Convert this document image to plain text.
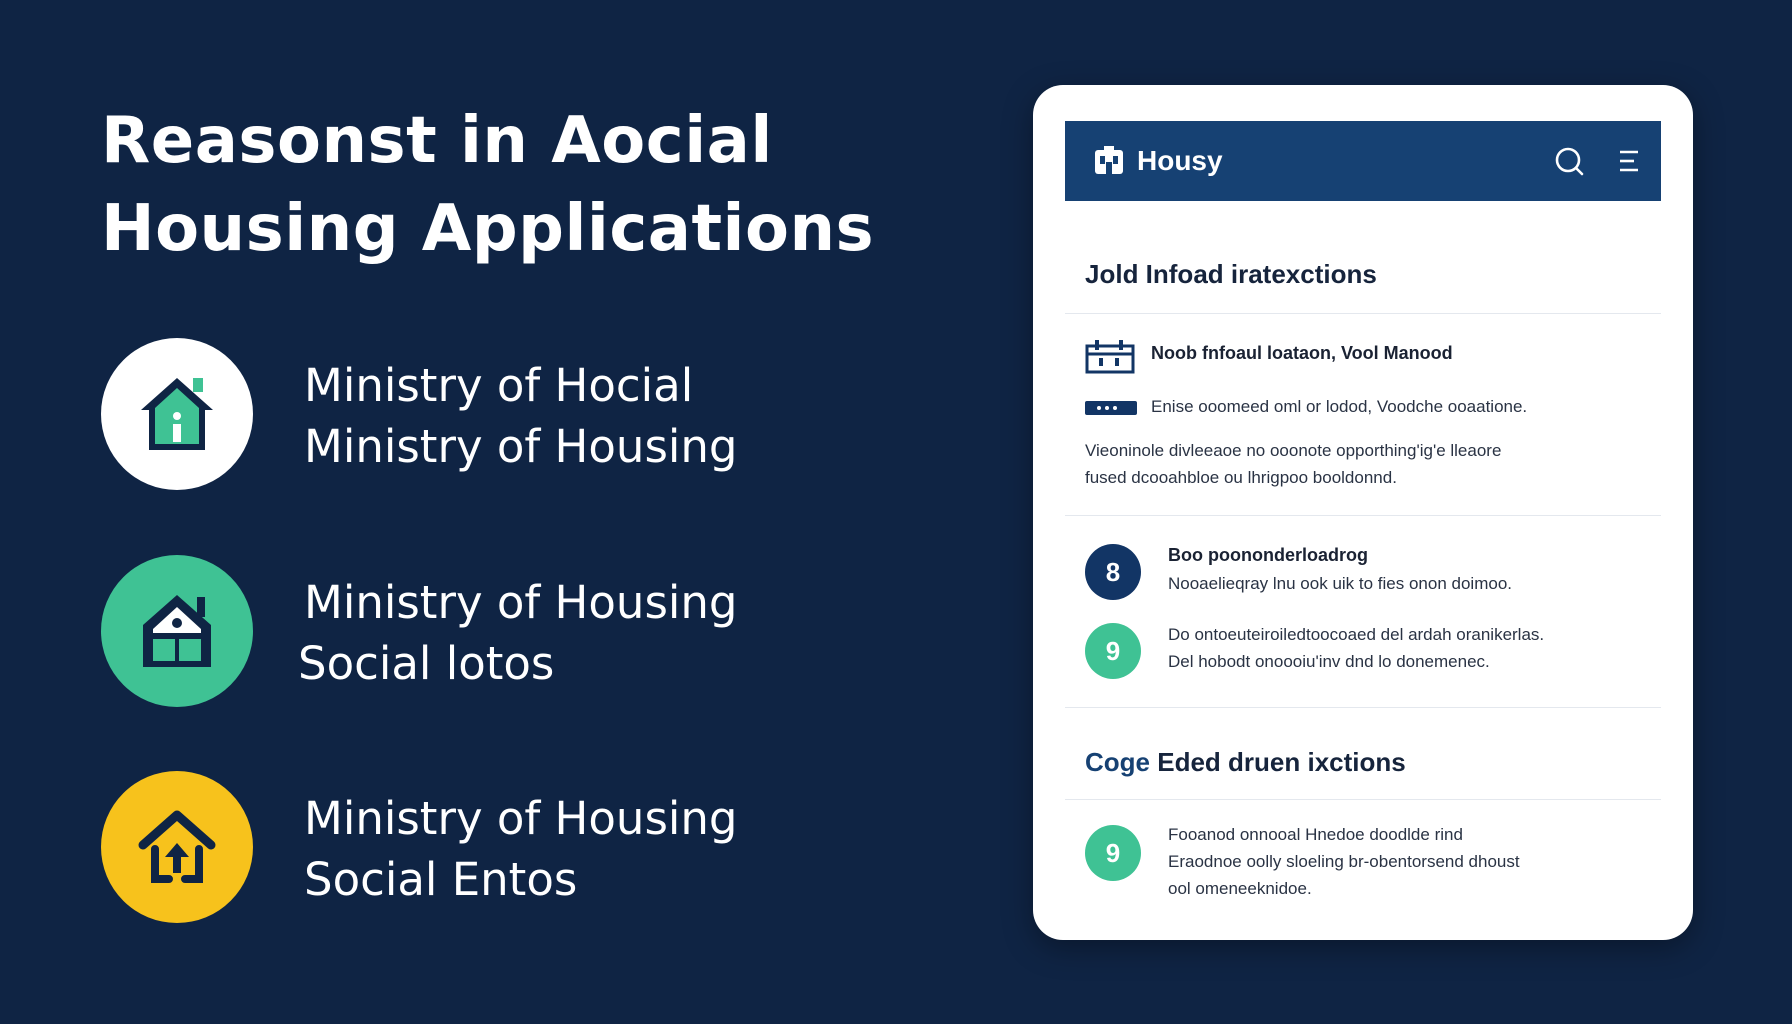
Reasonst in Aocial
Housing Applications
Ministry of Hocial
Ministry of Housing
Ministry of Housing
Social lotos
Ministry of Housing
Social Entos
Housy
Jold Infoad iratexctions
Noob fnfoaul loataon, Vool Manood
Enise ooomeed oml or lodod, Voodche ooaatione.
Vieoninole divleeaoe no ooonote opporthing'ig'e lleaore
fused dcooahbloe ou lhrigpoo booldonnd.
8
Boo poononderloadrog
Nooaelieqray lnu ook uik to fies onon doimoo.
9
Do ontoeuteiroiledtoocoaed del ardah oranikerlas.
Del hobodt onoooiu'inv dnd lo donemenec.
Coge Eded druen ixctions
9
Fooanod onnooal Hnedoe doodlde rind
Eraodnoe oolly sloeling br-obentorsend dhoust
ool omeneeknidoe.
